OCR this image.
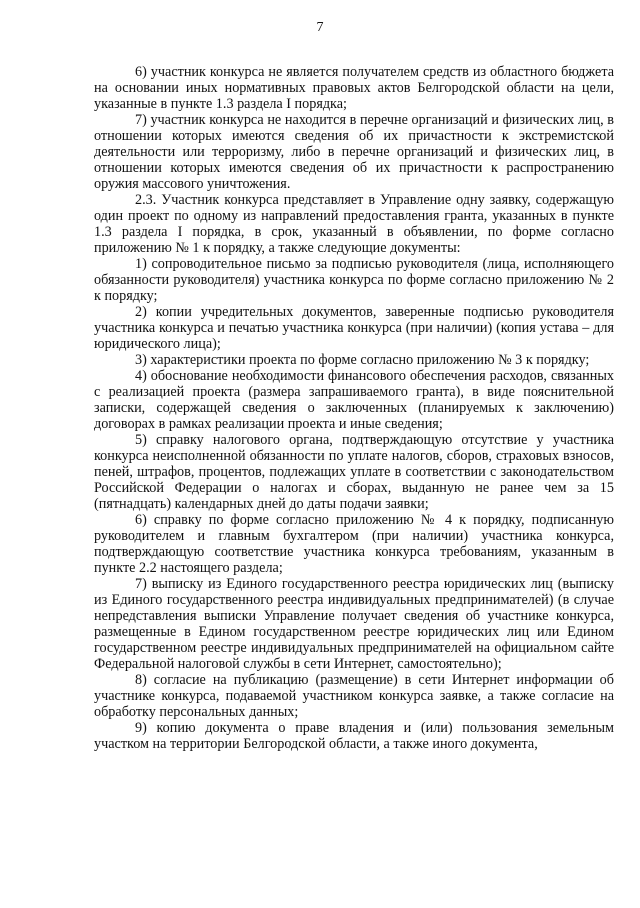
7

6) участник конкурса не является получателем средств из областного бюджета на основании иных нормативных правовых актов Белгородской области на цели, указанные в пункте 1.3 раздела I порядка;

7) участник конкурса не находится в перечне организаций и физических лиц, в отношении которых имеются сведения об их причастности к экстремистской деятельности или терроризму, либо в перечне организаций и физических лиц, в отношении которых имеются сведения об их причастности к распространению оружия массового уничтожения.

2.3. Участник конкурса представляет в Управление одну заявку, содержащую один проект по одному из направлений предоставления гранта, указанных в пункте 1.3 раздела I порядка, в срок, указанный в объявлении, по форме согласно приложению № 1 к порядку, а также следующие документы:

1) сопроводительное письмо за подписью руководителя (лица, исполняющего обязанности руководителя) участника конкурса по форме согласно приложению № 2 к порядку;

2) копии учредительных документов, заверенные подписью руководителя участника конкурса и печатью участника конкурса (при наличии) (копия устава – для юридического лица);

3) характеристики проекта по форме согласно приложению № 3 к порядку;

4) обоснование необходимости финансового обеспечения расходов, связанных с реализацией проекта (размера запрашиваемого гранта), в виде пояснительной записки, содержащей сведения о заключенных (планируемых к заключению) договорах в рамках реализации проекта и иные сведения;

5) справку налогового органа, подтверждающую отсутствие у участника конкурса неисполненной обязанности по уплате налогов, сборов, страховых взносов, пеней, штрафов, процентов, подлежащих уплате в соответствии с законодательством Российской Федерации о налогах и сборах, выданную не ранее чем за 15 (пятнадцать) календарных дней до даты подачи заявки;

6) справку по форме согласно приложению № 4 к порядку, подписанную руководителем и главным бухгалтером (при наличии) участника конкурса, подтверждающую соответствие участника конкурса требованиям, указанным в пункте 2.2 настоящего раздела;

7) выписку из Единого государственного реестра юридических лиц (выписку из Единого государственного реестра индивидуальных предпринимателей) (в случае непредставления выписки Управление получает сведения об участнике конкурса, размещенные в Едином государственном реестре юридических лиц или Едином государственном реестре индивидуальных предпринимателей на официальном сайте Федеральной налоговой службы в сети Интернет, самостоятельно);

8) согласие на публикацию (размещение) в сети Интернет информации об участнике конкурса, подаваемой участником конкурса заявке, а также согласие на обработку персональных данных;

9) копию документа о праве владения и (или) пользования земельным участком на территории Белгородской области, а также иного документа,
